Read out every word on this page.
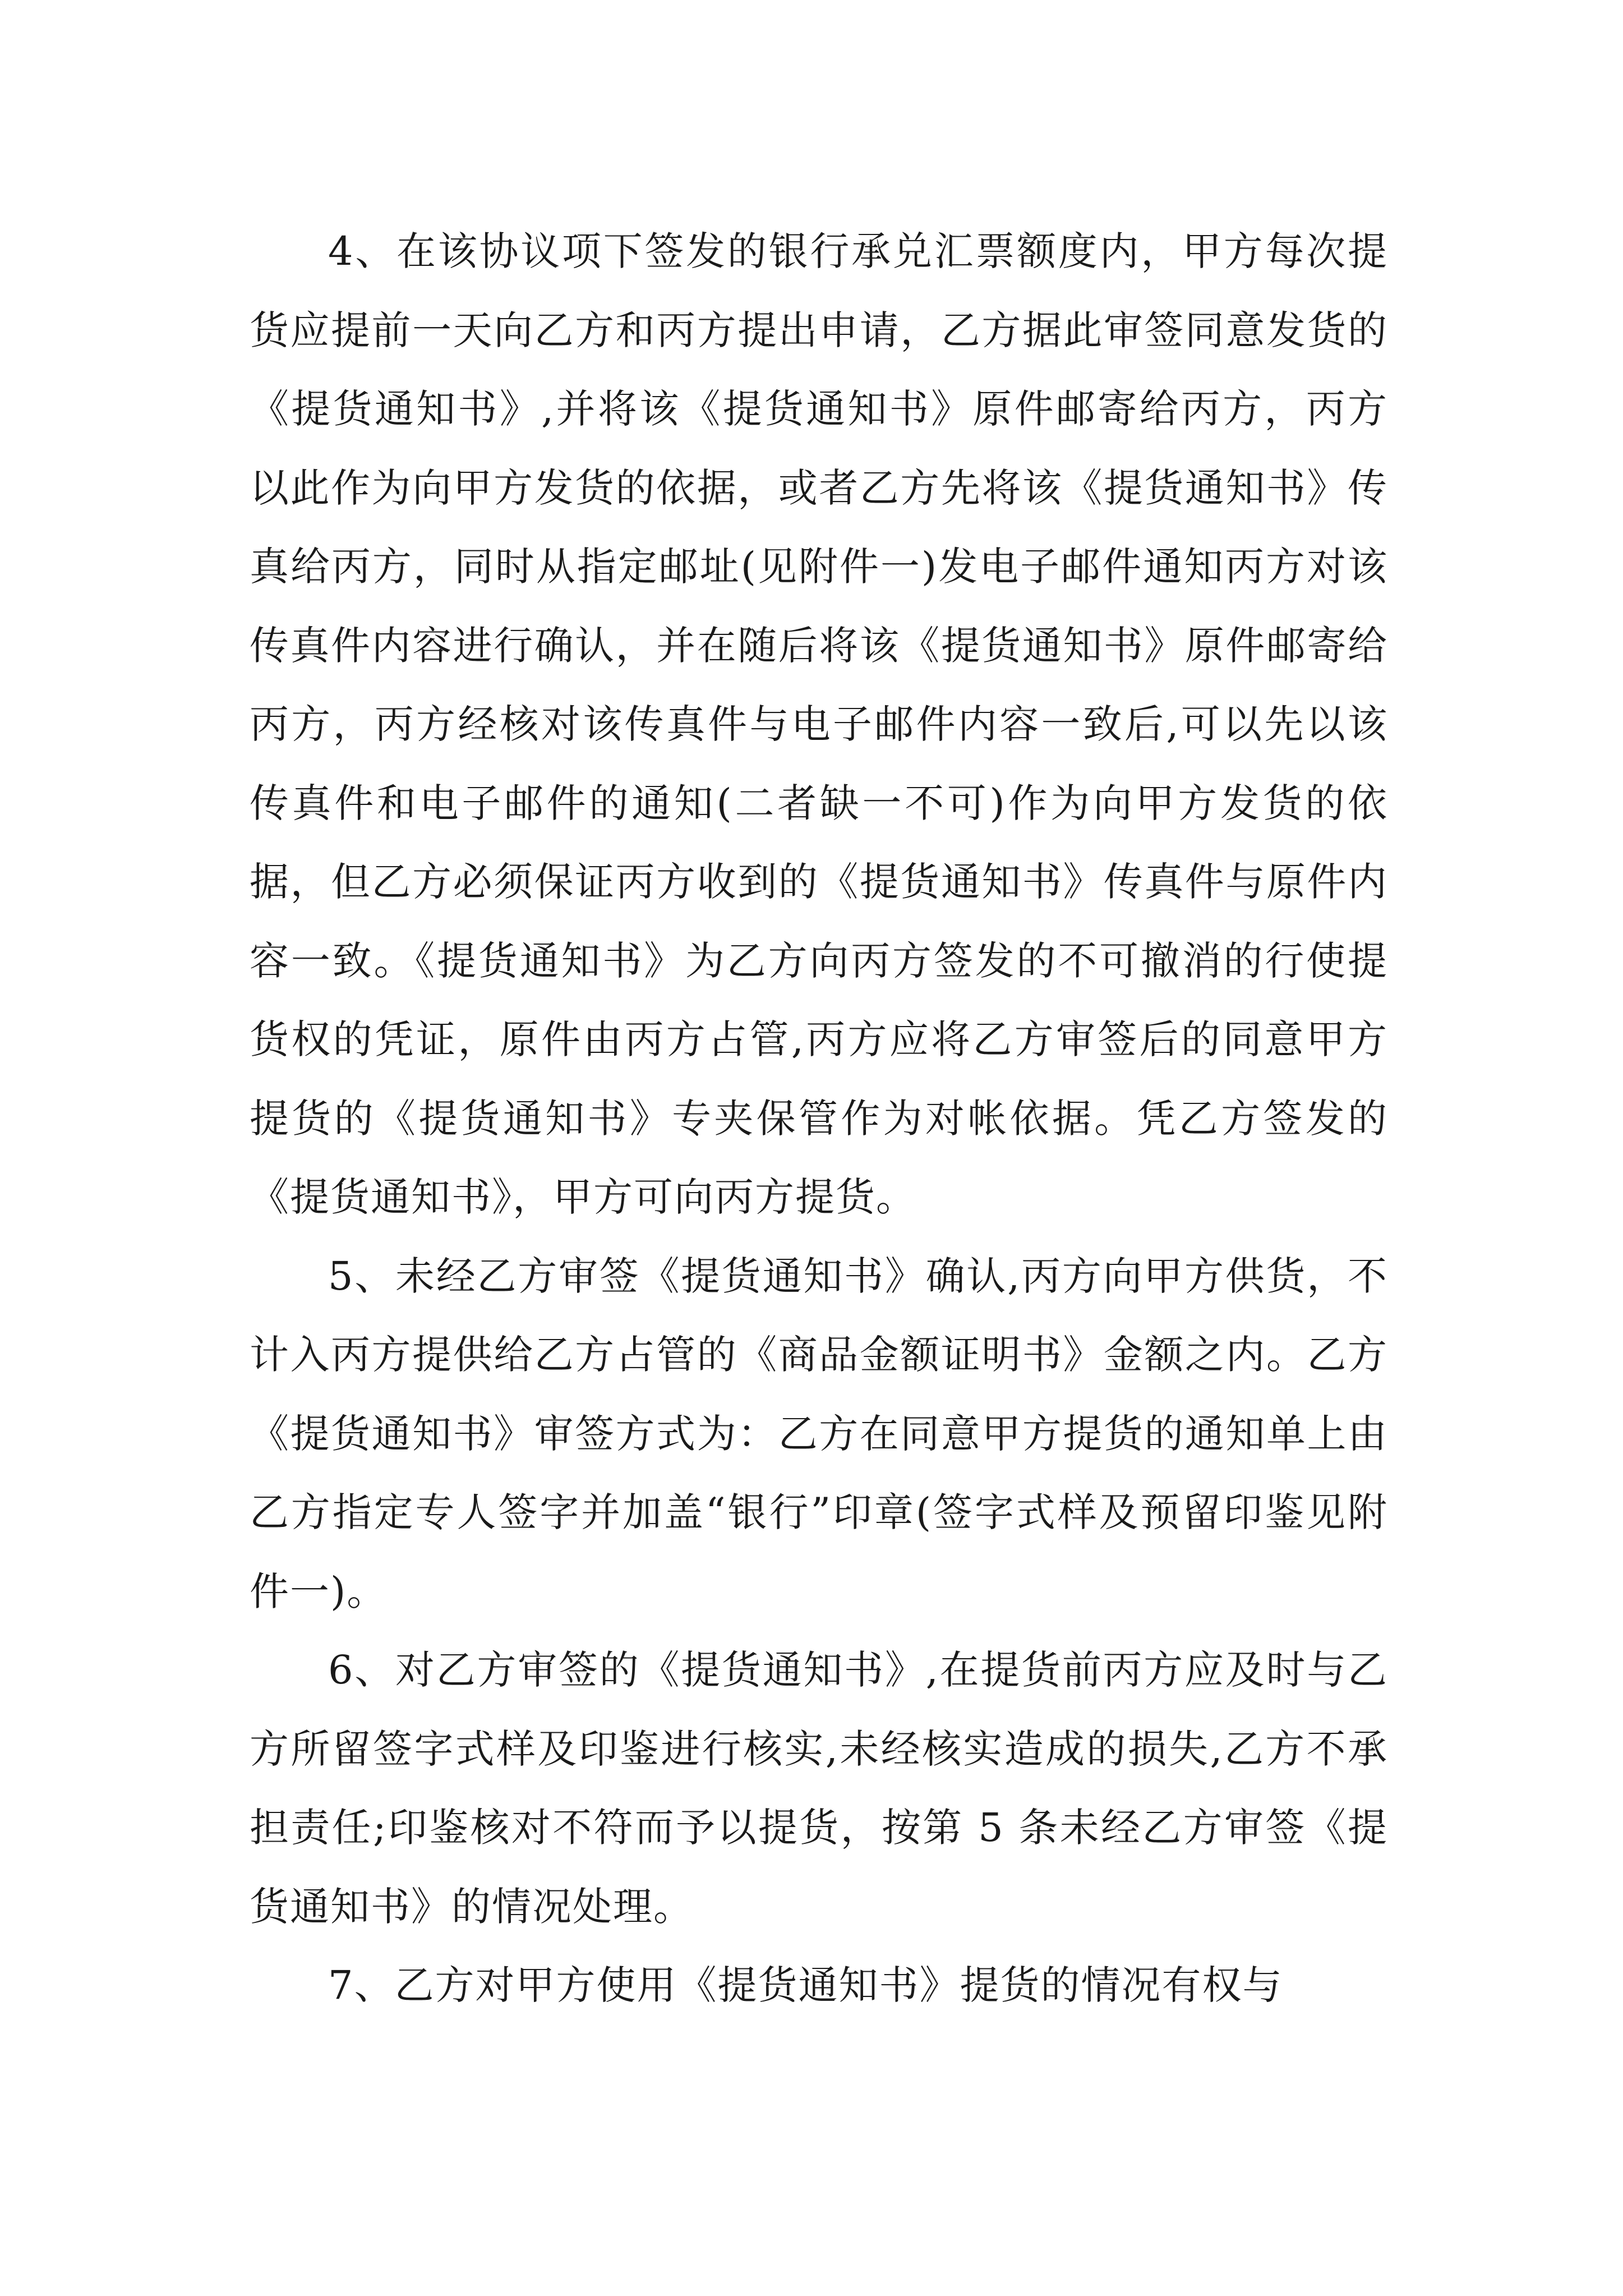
4、在该协议项下签发的银行承兑汇票额度内，甲方每次提货应提前一天向乙方和丙方提出申请，乙方据此审签同意发货的《提货通知书》,并将该《提货通知书》原件邮寄给丙方，丙方以此作为向甲方发货的依据，或者乙方先将该《提货通知书》传真给丙方，同时从指定邮址(见附件一)发电子邮件通知丙方对该传真件内容进行确认，并在随后将该《提货通知书》原件邮寄给丙方，丙方经核对该传真件与电子邮件内容一致后,可以先以该传真件和电子邮件的通知(二者缺一不可)作为向甲方发货的依据，但乙方必须保证丙方收到的《提货通知书》传真件与原件内容一致。《提货通知书》为乙方向丙方签发的不可撤消的行使提货权的凭证，原件由丙方占管,丙方应将乙方审签后的同意甲方提货的《提货通知书》专夹保管作为对帐依据。凭乙方签发的《提货通知书》，甲方可向丙方提货。

5、未经乙方审签《提货通知书》确认,丙方向甲方供货，不计入丙方提供给乙方占管的《商品金额证明书》金额之内。乙方《提货通知书》审签方式为：乙方在同意甲方提货的通知单上由乙方指定专人签字并加盖“银行”印章(签字式样及预留印鉴见附件一)。

6、对乙方审签的《提货通知书》,在提货前丙方应及时与乙方所留签字式样及印鉴进行核实,未经核实造成的损失,乙方不承担责任;印鉴核对不符而予以提货，按第 5 条未经乙方审签《提货通知书》的情况处理。

7、乙方对甲方使用《提货通知书》提货的情况有权与
